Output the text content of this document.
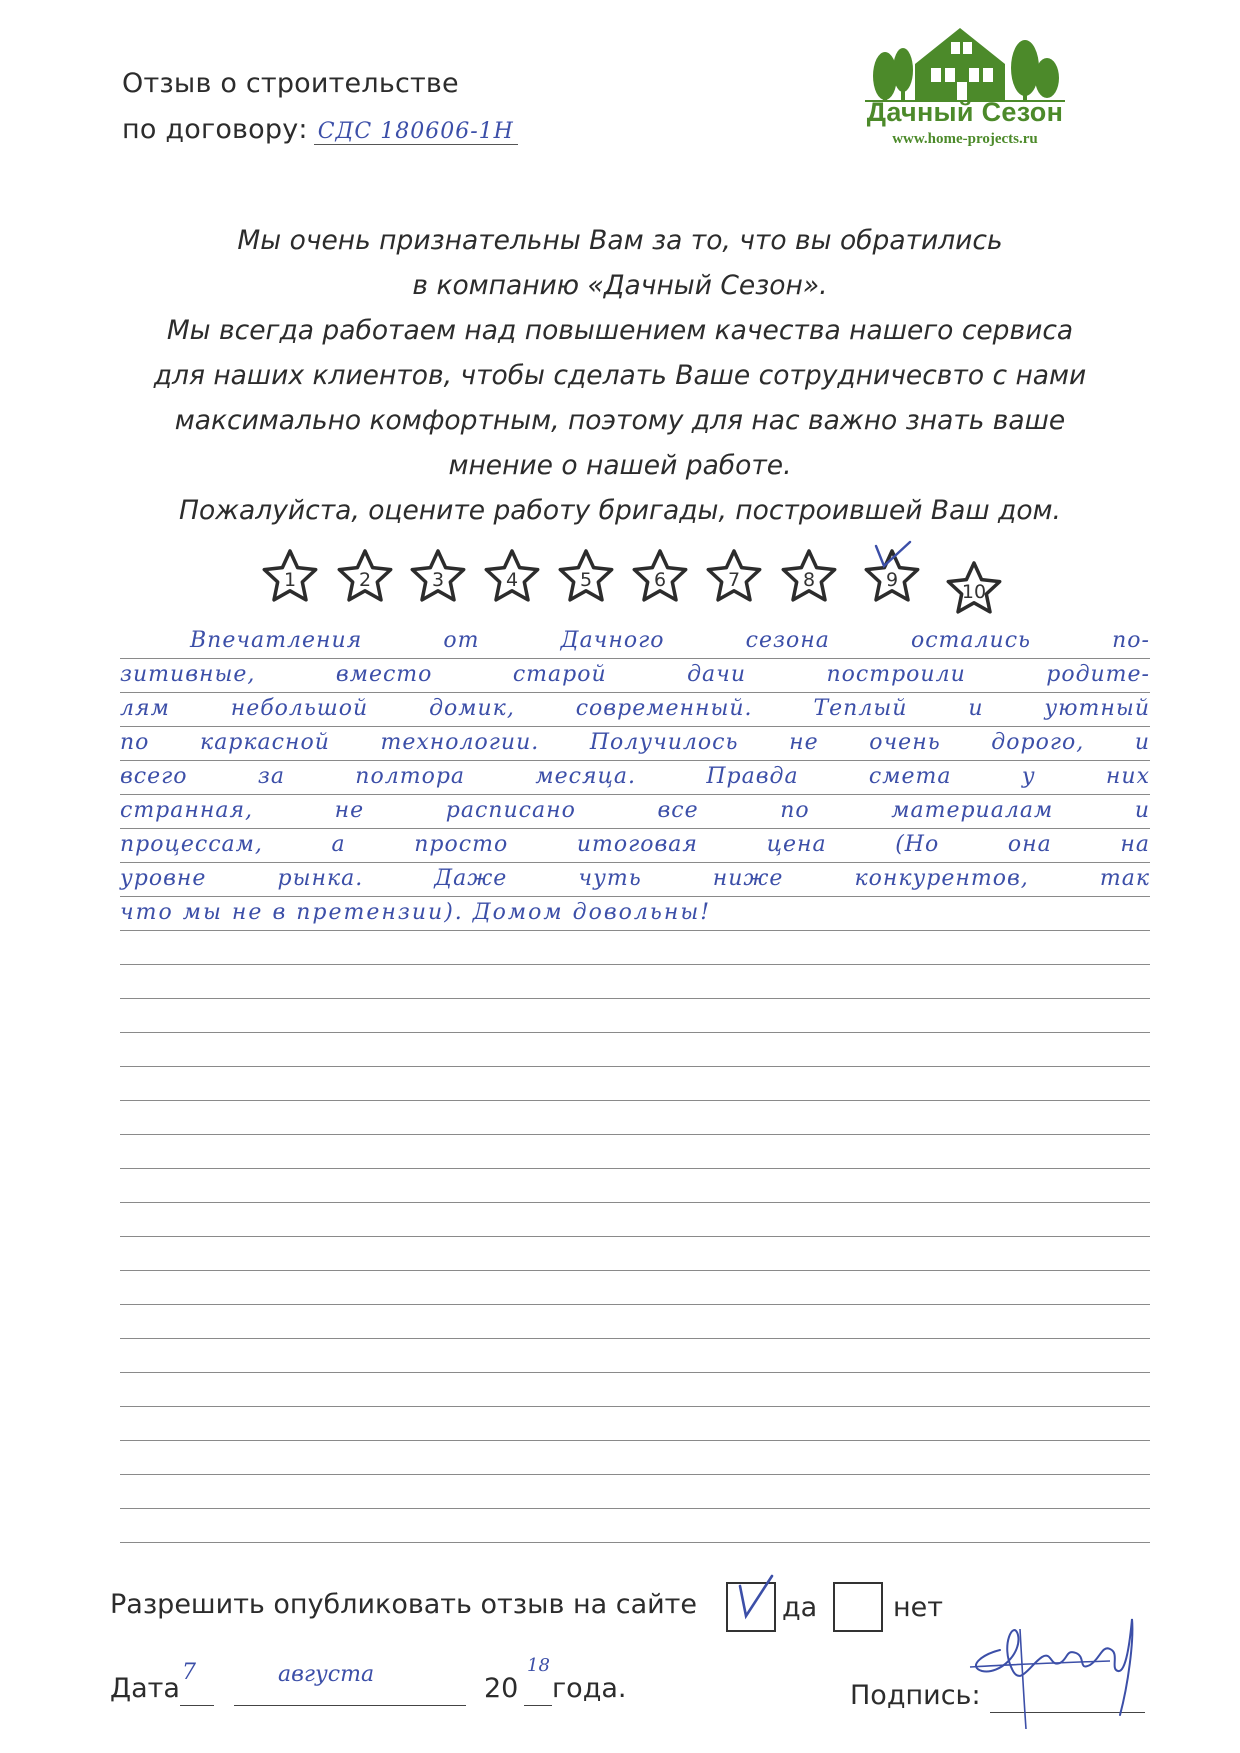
Отзыв о строительстве
по договору: СДС 180606-1Н
Дачный Сезон
www.home-projects.ru
Мы очень признательны Вам за то, что вы обратились
в компанию «Дачный Сезон».
Мы всегда работаем над повышением качества нашего сервиса
для наших клиентов, чтобы сделать Ваше сотрудничесвто с нами
максимально комфортным, поэтому для нас важно знать ваше
мнение о нашей работе.
Пожалуйста, оцените работу бригады, построившей Ваш дом.
1	2	3	4	5	6	7	8	9
10
Впечатления от Дачного сезона остались по-
зитивные, вместо старой дачи построили родите-
лям небольшой домик, современный. Теплый и уютный
по каркасной технологии. Получилось не очень дорого, и
всего за полтора месяца. Правда смета у них
странная, не расписано все по материалам и
процессам, а просто итоговая цена (Но она на
уровне рынка. Даже чуть ниже конкурентов, так
что мы не в претензии). Домом довольны!
Разрешить опубликовать отзыв на сайте	да	нет
Дата
7	августа	20
18
года.	Подпись:
